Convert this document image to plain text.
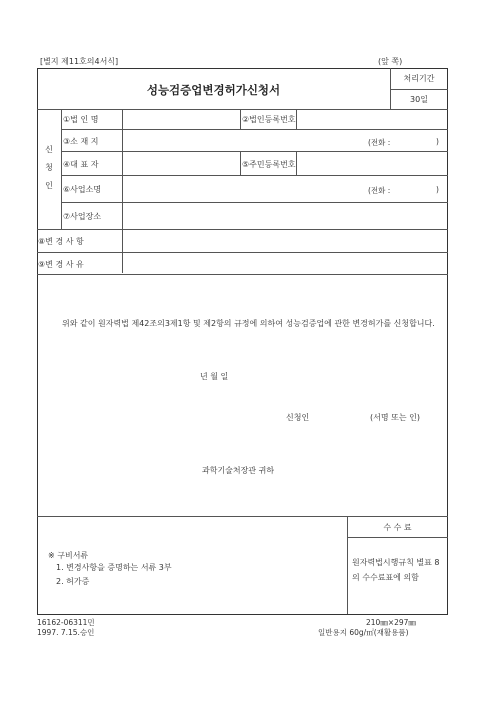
[별지 제11호의4서식]	(앞 쪽)
성능검증업변경허가신청서
처리기간
30일
신
청
인
①법 인 명	②법인등록번호
③소 재 지	(전화 :	)
④대 표 자	⑤주민등록번호
⑥사업소명	(전화 :	)
⑦사업장소
⑧변 경 사 항
⑨변 경 사 유
위와 같이 원자력법 제42조의3제1항 및 제2항의 규정에 의하여 성능검증업에 관한 변경허가를 신청합니다.
년 월 일
신청인	(서명 또는 인)
과학기술처장관 귀하
※ 구비서류
1. 변경사항을 증명하는 서류 3부
2. 허가증
수 수 료
원자력법시행규칙 별표 8의 수수료표에 의함
16162-06311민
1997. 7.15.승인
210㎜×297㎜
일반용지 60g/㎡(재활용품)
